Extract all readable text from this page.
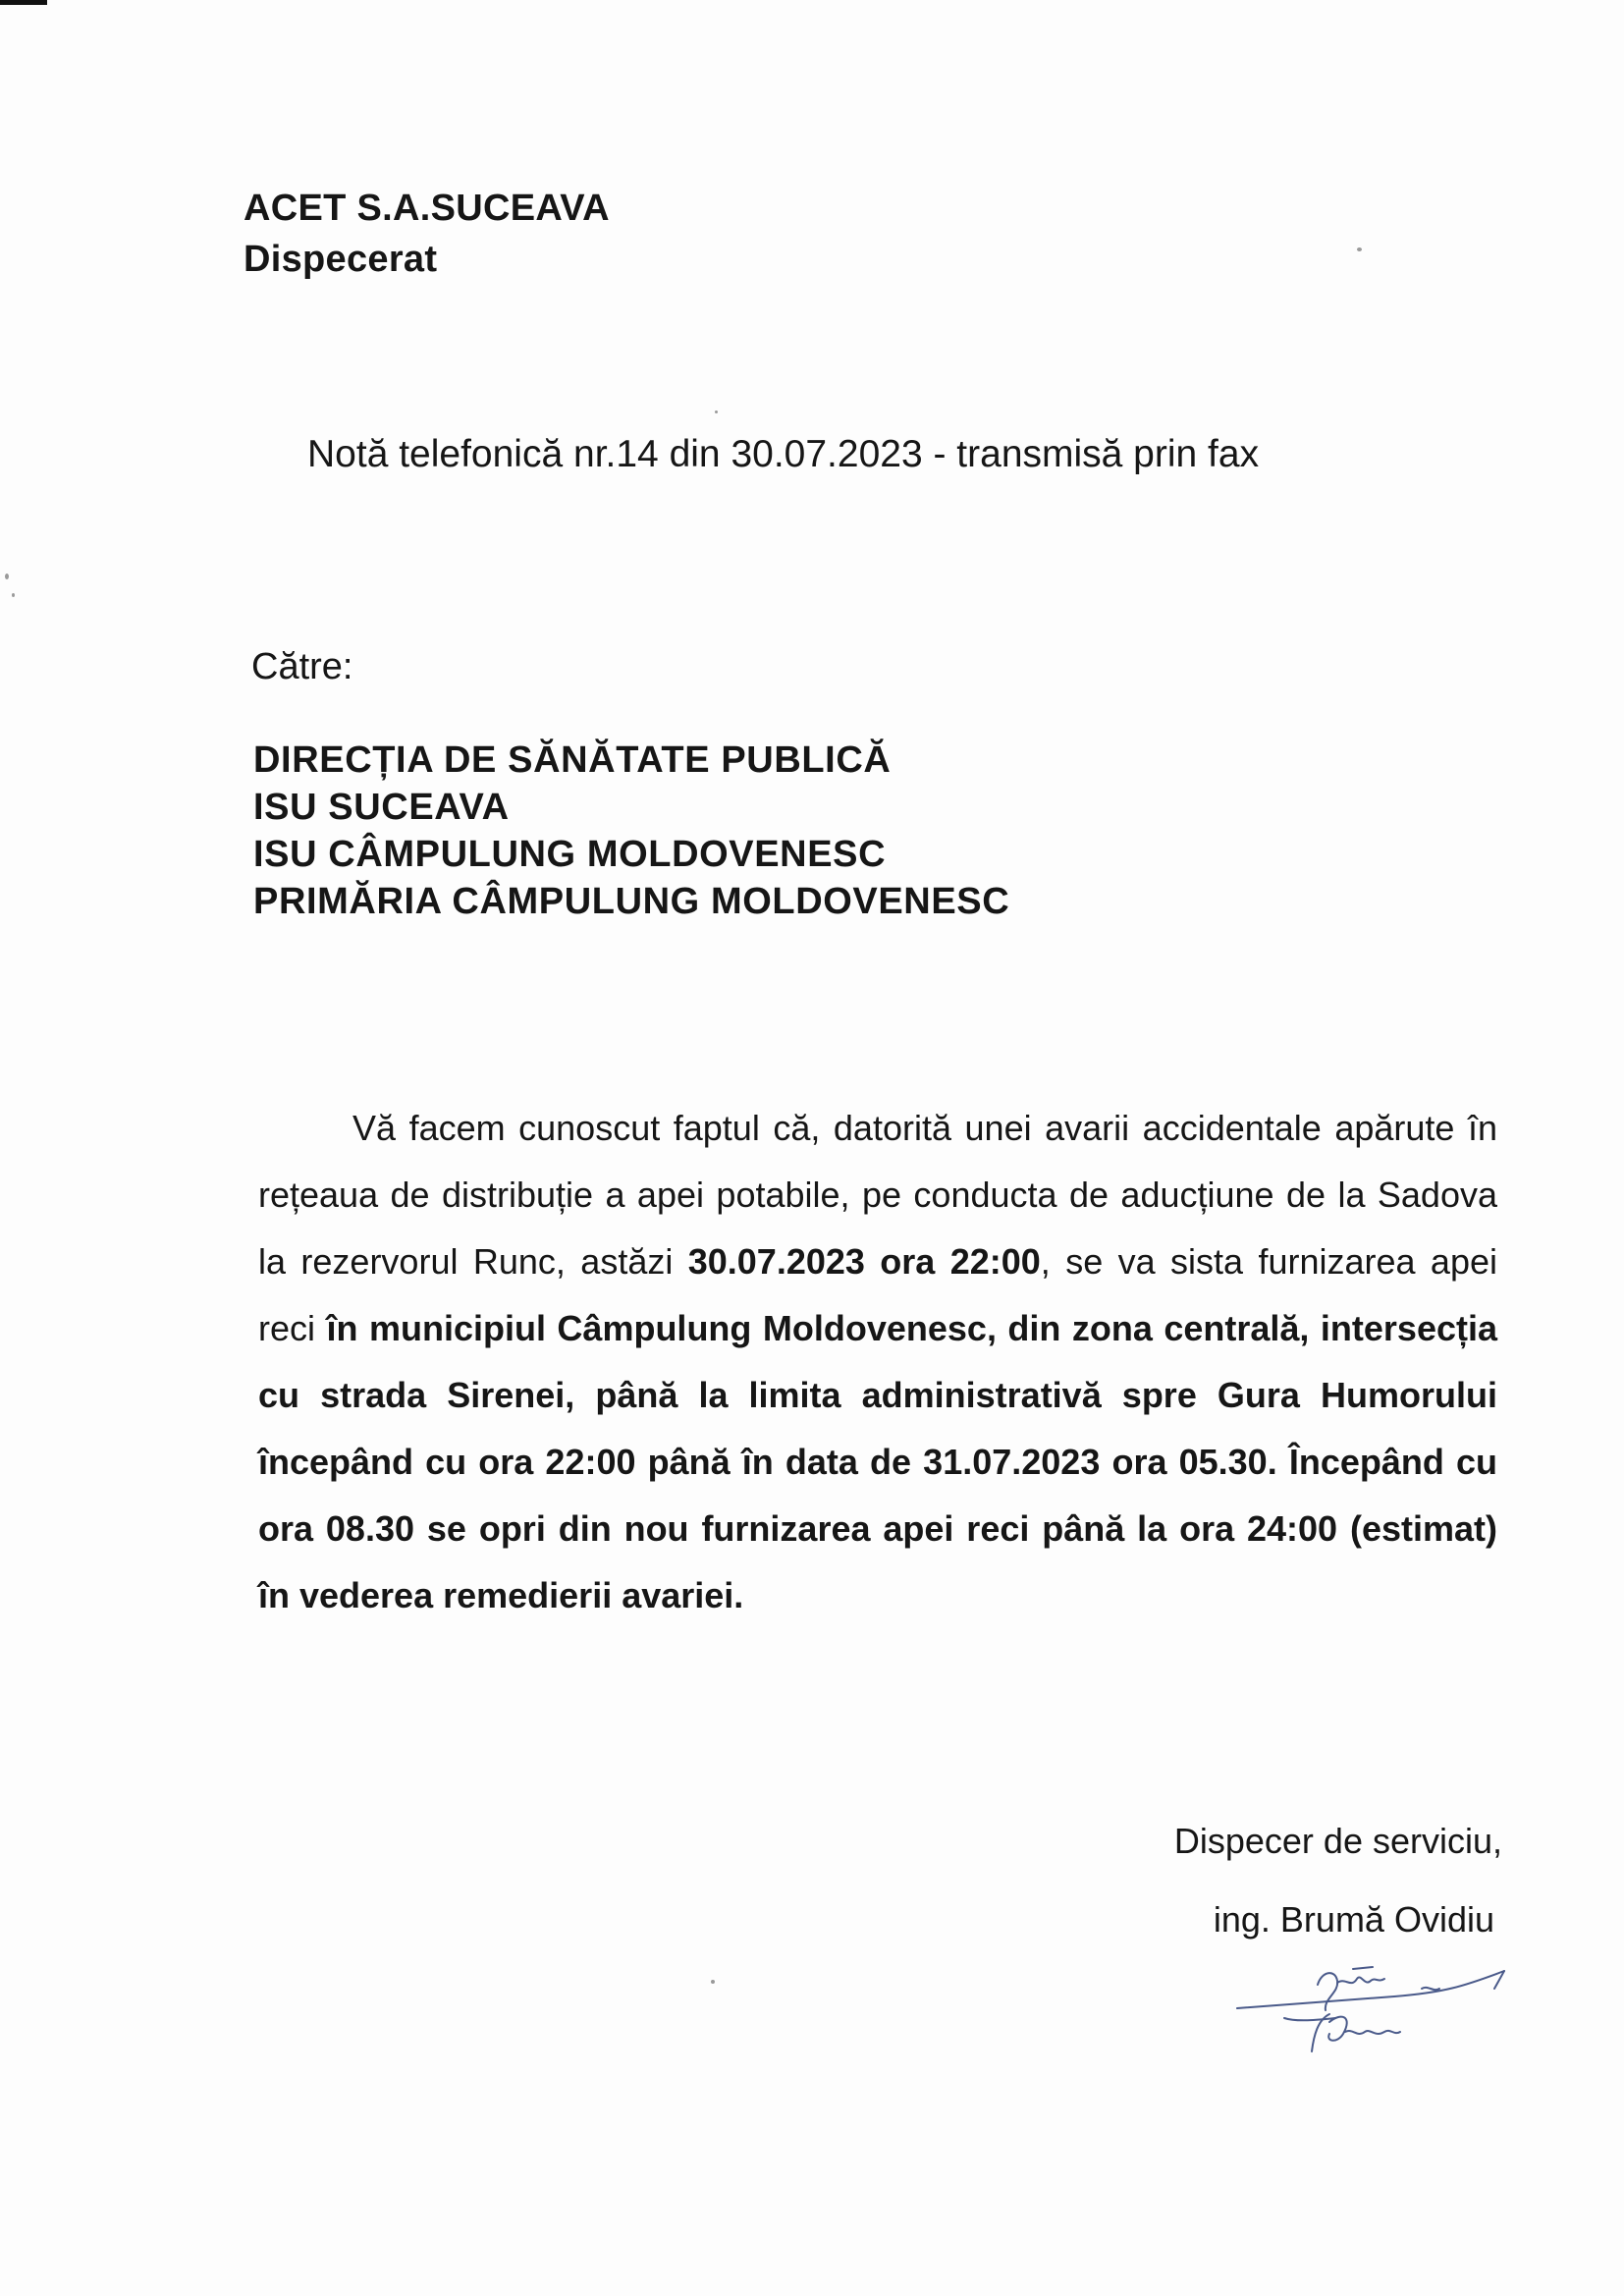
ACET S.A.SUCEAVA
Dispecerat
Notă telefonică nr.14 din 30.07.2023 - transmisă prin fax
Către:
DIRECȚIA DE SĂNĂTATE PUBLICĂ
ISU SUCEAVA
ISU CÂMPULUNG MOLDOVENESC
PRIMĂRIA CÂMPULUNG MOLDOVENESC

Vă facem cunoscut faptul că, datorită unei avarii accidentale apărute în rețeaua de distribuție a apei potabile, pe conducta de aducțiune de la Sadova la rezervorul Runc, astăzi 30.07.2023 ora 22:00, se va sista furnizarea apei reci în municipiul Câmpulung Moldovenesc, din zona centrală, intersecția cu strada Sirenei, până la limita administrativă spre Gura Humorului începând cu ora 22:00 până în data de 31.07.2023 ora 05.30. Începând cu ora 08.30 se opri din nou furnizarea apei reci până la ora 24:00 (estimat) în vederea remedierii avariei.

Dispecer de serviciu,
ing. Brumă Ovidiu
